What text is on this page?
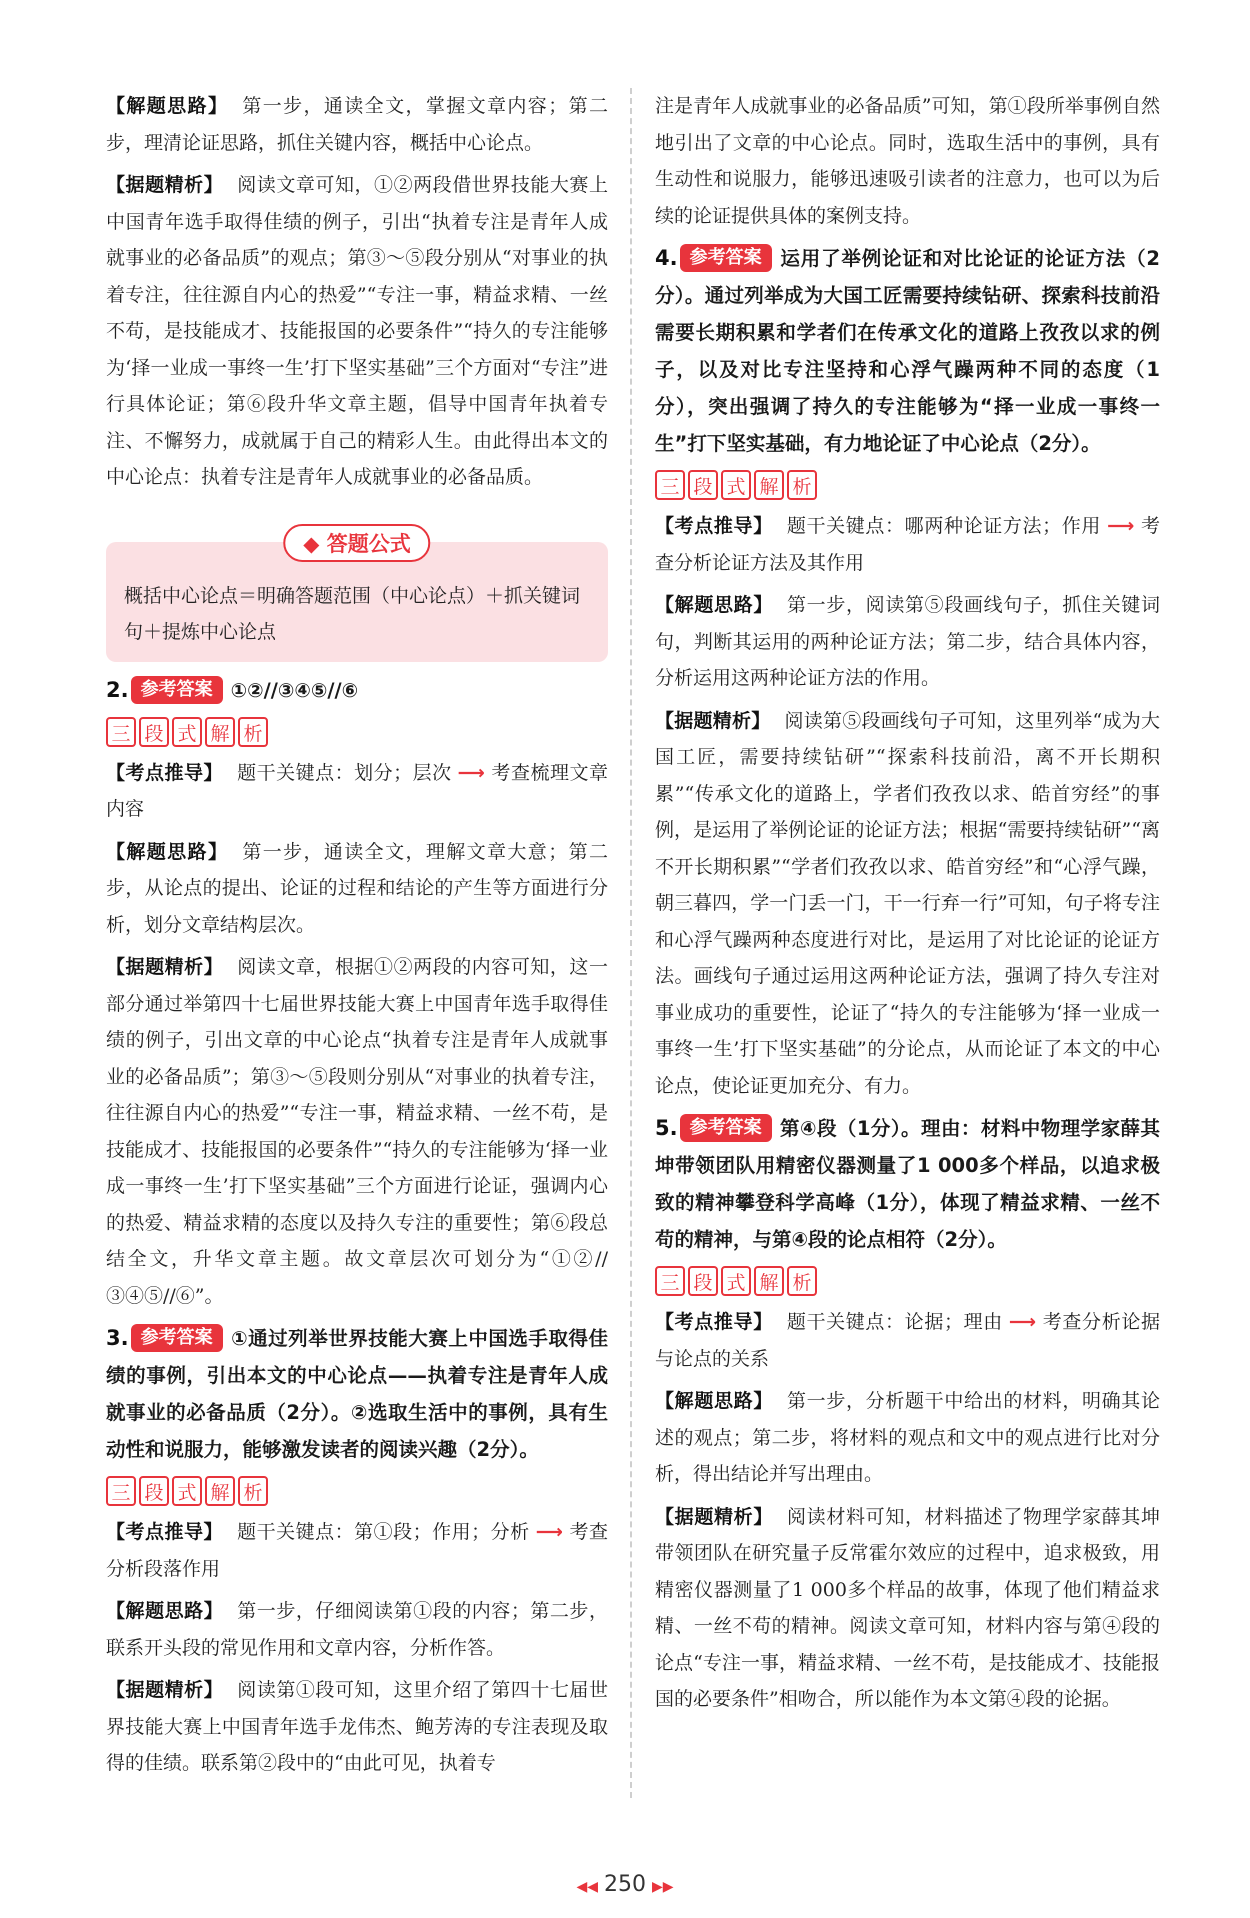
【解题思路】 第一步，通读全文，掌握文章内容；第二步，理清论证思路，抓住关键内容，概括中心论点。

【据题精析】 阅读文章可知，①②两段借世界技能大赛上中国青年选手取得佳绩的例子，引出“执着专注是青年人成就事业的必备品质”的观点；第③～⑤段分别从“对事业的执着专注，往往源自内心的热爱”“专注一事，精益求精、一丝不苟，是技能成才、技能报国的必要条件”“持久的专注能够为‘择一业成一事终一生’打下坚实基础”三个方面对“专注”进行具体论证；第⑥段升华文章主题，倡导中国青年执着专注、不懈努力，成就属于自己的精彩人生。由此得出本文的中心论点：执着专注是青年人成就事业的必备品质。

◆ 答题公式

概括中心论点＝明确答题范围（中心论点）＋抓关键词句＋提炼中心论点

2. 参考答案 ①②//③④⑤//⑥

三 段 式 解 析

【考点推导】 题干关键点：划分；层次 ⟶ 考查梳理文章内容

【解题思路】 第一步，通读全文，理解文章大意；第二步，从论点的提出、论证的过程和结论的产生等方面进行分析，划分文章结构层次。

【据题精析】 阅读文章，根据①②两段的内容可知，这一部分通过举第四十七届世界技能大赛上中国青年选手取得佳绩的例子，引出文章的中心论点“执着专注是青年人成就事业的必备品质”；第③～⑤段则分别从“对事业的执着专注，往往源自内心的热爱”“专注一事，精益求精、一丝不苟，是技能成才、技能报国的必要条件”“持久的专注能够为‘择一业成一事终一生’打下坚实基础”三个方面进行论证，强调内心的热爱、精益求精的态度以及持久专注的重要性；第⑥段总结全文，升华文章主题。故文章层次可划分为“①②//③④⑤//⑥”。

3. 参考答案 ①通过列举世界技能大赛上中国选手取得佳绩的事例，引出本文的中心论点——执着专注是青年人成就事业的必备品质（2分）。②选取生活中的事例，具有生动性和说服力，能够激发读者的阅读兴趣（2分）。

三 段 式 解 析

【考点推导】 题干关键点：第①段；作用；分析 ⟶ 考查分析段落作用

【解题思路】 第一步，仔细阅读第①段的内容；第二步，联系开头段的常见作用和文章内容，分析作答。

【据题精析】 阅读第①段可知，这里介绍了第四十七届世界技能大赛上中国青年选手龙伟杰、鲍芳涛的专注表现及取得的佳绩。联系第②段中的“由此可见，执着专

注是青年人成就事业的必备品质”可知，第①段所举事例自然地引出了文章的中心论点。同时，选取生活中的事例，具有生动性和说服力，能够迅速吸引读者的注意力，也可以为后续的论证提供具体的案例支持。

4. 参考答案 运用了举例论证和对比论证的论证方法（2分）。通过列举成为大国工匠需要持续钻研、探索科技前沿需要长期积累和学者们在传承文化的道路上孜孜以求的例子，以及对比专注坚持和心浮气躁两种不同的态度（1分），突出强调了持久的专注能够为“择一业成一事终一生”打下坚实基础，有力地论证了中心论点（2分）。

三 段 式 解 析

【考点推导】 题干关键点：哪两种论证方法；作用 ⟶ 考查分析论证方法及其作用

【解题思路】 第一步，阅读第⑤段画线句子，抓住关键词句，判断其运用的两种论证方法；第二步，结合具体内容，分析运用这两种论证方法的作用。

【据题精析】 阅读第⑤段画线句子可知，这里列举“成为大国工匠，需要持续钻研”“探索科技前沿，离不开长期积累”“传承文化的道路上，学者们孜孜以求、皓首穷经”的事例，是运用了举例论证的论证方法；根据“需要持续钻研”“离不开长期积累”“学者们孜孜以求、皓首穷经”和“心浮气躁，朝三暮四，学一门丢一门，干一行弃一行”可知，句子将专注和心浮气躁两种态度进行对比，是运用了对比论证的论证方法。画线句子通过运用这两种论证方法，强调了持久专注对事业成功的重要性，论证了“持久的专注能够为‘择一业成一事终一生’打下坚实基础”的分论点，从而论证了本文的中心论点，使论证更加充分、有力。

5. 参考答案 第④段（1分）。理由：材料中物理学家薛其坤带领团队用精密仪器测量了1 000多个样品，以追求极致的精神攀登科学高峰（1分），体现了精益求精、一丝不苟的精神，与第④段的论点相符（2分）。

三 段 式 解 析

【考点推导】 题干关键点：论据；理由 ⟶ 考查分析论据与论点的关系

【解题思路】 第一步，分析题干中给出的材料，明确其论述的观点；第二步，将材料的观点和文中的观点进行比对分析，得出结论并写出理由。

【据题精析】 阅读材料可知，材料描述了物理学家薛其坤带领团队在研究量子反常霍尔效应的过程中，追求极致，用精密仪器测量了1 000多个样品的故事，体现了他们精益求精、一丝不苟的精神。阅读文章可知，材料内容与第④段的论点“专注一事，精益求精、一丝不苟，是技能成才、技能报国的必要条件”相吻合，所以能作为本文第④段的论据。

◀◀ 250 ▶▶
